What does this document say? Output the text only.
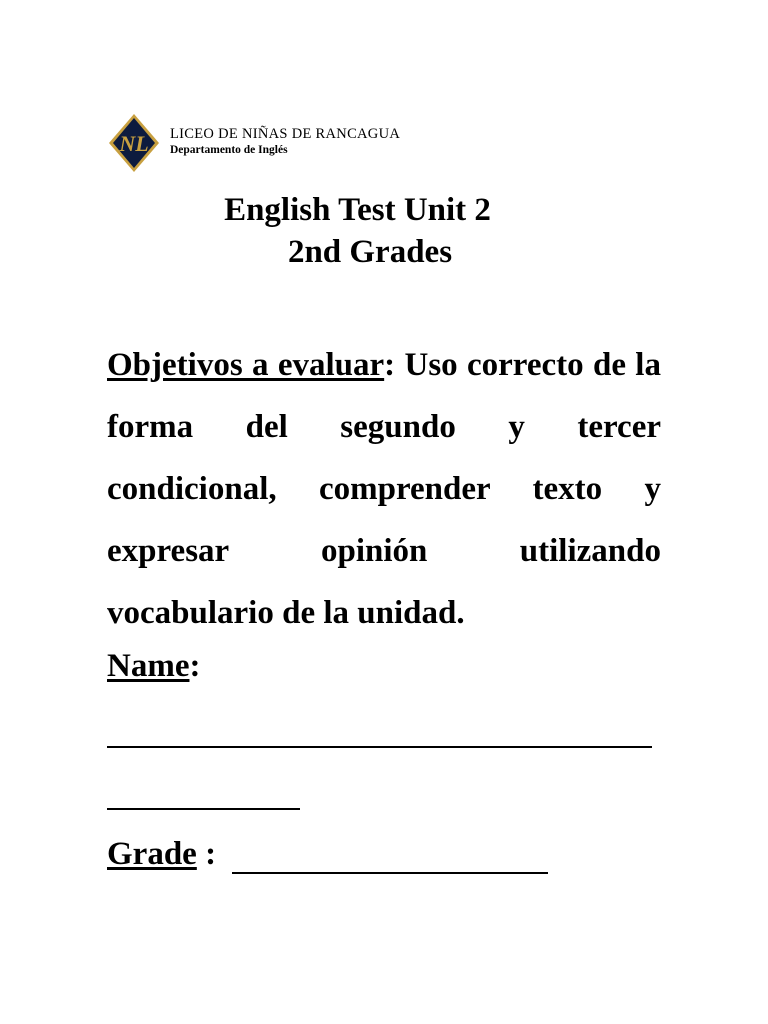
NL LICEO DE NIÑAS DE RANCAGUA
Departamento de Inglés
English Test Unit 2
2nd Grades
Objetivos a evaluar: Uso correcto de la forma del segundo y tercer condicional, comprender texto y expresar opinión utilizando vocabulario de la unidad.
Name:
Grade :
